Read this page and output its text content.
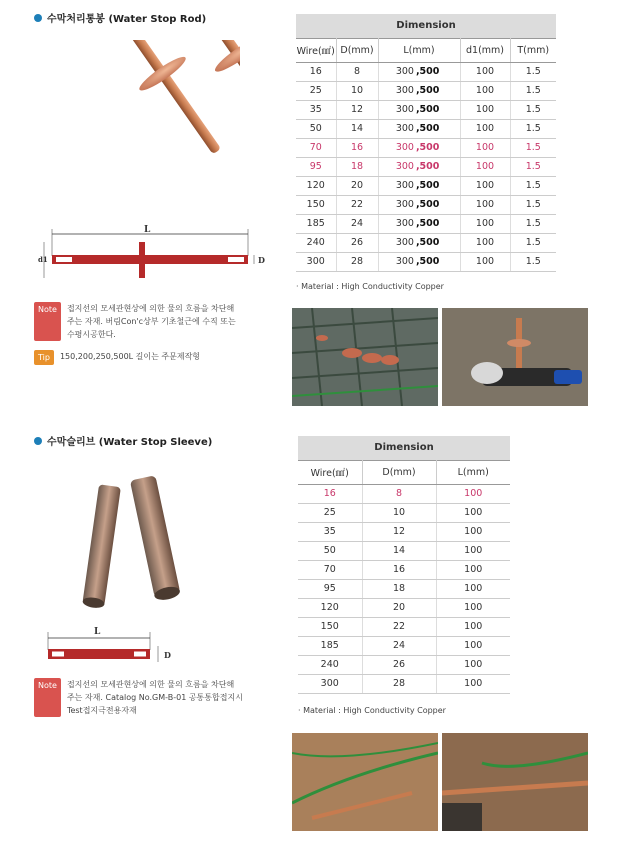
수막처리통봉 (Water Stop Rod)
L
d1	D
Dimension					
Wire(㎟)	D(mm)	L(mm)		d1(mm)	T(mm)
16	8	300	,500	100	1.5
25	10	300	,500	100	1.5
35	12	300	,500	100	1.5
50	14	300	,500	100	1.5
70	16	300	,500	100	1.5
95	18	300	,500	100	1.5
120	20	300	,500	100	1.5
150	22	300	,500	100	1.5
185	24	300	,500	100	1.5
240	26	300	,500	100	1.5
300	28	300	,500	100	1.5
· Material : High Conductivity Copper
Note	접지선의 모세관현상에 의한 물의 흐름을 차단해
주는 자재. 버림Con'c상부 기초철근에 수직 또는
수평시공한다.
Tip	150,200,250,500L 길이는 주문제작형
수막슬리브 (Water Stop Sleeve)
L
D
Dimension		
Wire(㎟)	D(mm)	L(mm)
16	8	100
25	10	100
35	12	100
50	14	100
70	16	100
95	18	100
120	20	100
150	22	100
185	24	100
240	26	100
300	28	100
· Material : High Conductivity Copper
Note	접지선의 모세관현상에 의한 물의 흐름을 차단해
주는 자재. Catalog No.GM-B-01 공통통합접지시
Test접지극전용자재
